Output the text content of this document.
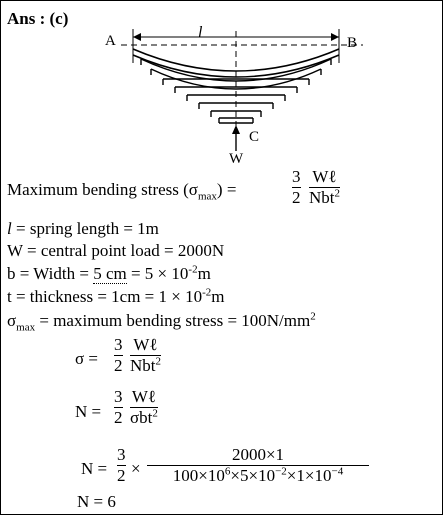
Ans : (c)
A	B
l
C
W
Maximum bending stress $(\sigma_{max})$ =
3
2
Wℓ
Nbt$^2$
l = spring length = 1m
W = central point load = 2000N
b = Width = 5 cm = $5 \times 10^{-2}m$
t = thickness = $1cm = 1 \times 10^{-2}m$
$\sigma_{max}$ = maximum bending stress = $100N/mm^2$
σ =
3
2
Wℓ
Nbt$^2$
N =
3
2
Wℓ
σbt$^2$
N =
3
2 ×
2000×1
$100\times 10^6\times 5\times 10^{-2}\times 1\times 10^{-4}$
N = 6
